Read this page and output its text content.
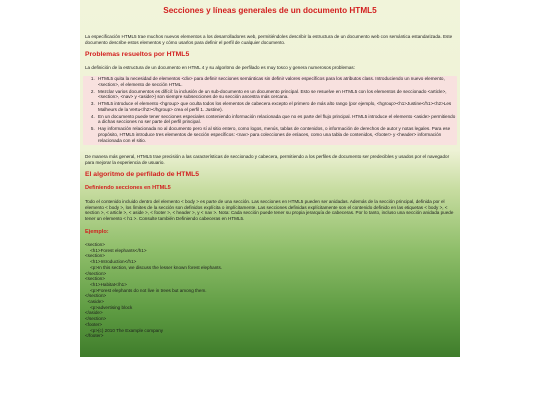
Secciones y líneas generales de un documento HTML5

La especificación HTML5 trae muchos nuevos elementos a los desarrolladores web, permitiéndoles describir la estructura de un documento web con semántica estandarizada. Este documento describe estos elementos y cómo usarlos para definir el perfil de cualquier documento.

Problemas resueltos por HTML5

La definición de la estructura de un documento en HTML 4 y su algoritmo de perfilado es muy tosco y genera numerosos problemas:

1. HTML5 quita la necesidad de elementos <div> para definir secciones semánticas sin definir valores específicos para los atributos class. Introduciendo un nuevo elemento, <section>, el elemento de sección HTML.
2. Mezclar varios documentos es difícil: la inclusión de un sub-documento en un documento principal. Esto se resuelve en HTML5 con los elementos de seccionado <article>, <section>, <nav> y <aside>) son siempre subsecciones de su sección ancestra más cercana.
3. HTML5 introduce el elemento <hgroup> que oculta todos los elementos de cabecera excepto el primero de más alto rango (por ejemplo, <hgroup><h1>Justine</h1><h2>Les Malheurs de la Vertu</h2></hgroup> crea el perfil 1. Justine).
4. En un documento puede tener secciones especiales conteniendo información relacionada que no es parte del flujo principal. HTML5 introduce el elemento <aside> permitiendo a dichas secciones no ser parte del perfil principal.
5. Hay información relacionada no al documento pero sí al sitio entero, como logos, menús, tablas de contenidos, o información de derechos de autor y notas legales. Para ese propósito, HTML5 introduce tres elementos de sección específicos: <nav> para colecciones de enlaces, como una tabla de contenidos, <footer> y <header> información relacionada con el sitio.

De manera más general, HTML5 trae precisión a las características de seccionado y cabecera, permitiendo a los perfiles de documento ser predecibles y usados por el navegador para mejorar la experiencia de usuario.

El algoritmo de perfilado de HTML5
Definiendo secciones en HTML5

Todo el contenido incluido dentro del elemento < body > es parte de una sección. Las secciones en HTML5 pueden ser anidadas. Además de la sección principal, definida por el elemento < body >, los límites de la sección son definidos explícita o implícitamente. Las secciones definidas explícitamente son el contenido definido en las etiquetas < body >, < section >, < article >, < aside >, < footer >, < header >, y < nav >. Nota: Cada sección puede tener su propia jerarquía de cabeceras. Por lo tanto, incluso una sección anidada puede tener un elemento < h1 >. Consulte también Definiendo cabeceras en HTML5.

Ejemplo:
<section>
<h1>Forest elephants</h1>
<section>
<h1>Introduction</h1>
<p>In this section, we discuss the lesser known forest elephants.
</section>
<section>
<h1>Habitat</h1>
<p>Forest elephants do not live in trees but among them.
</section>
<aside>
<p>advertising block
</aside>
</section>
<footer>
<p>(c) 2010 The Example company
</footer>
